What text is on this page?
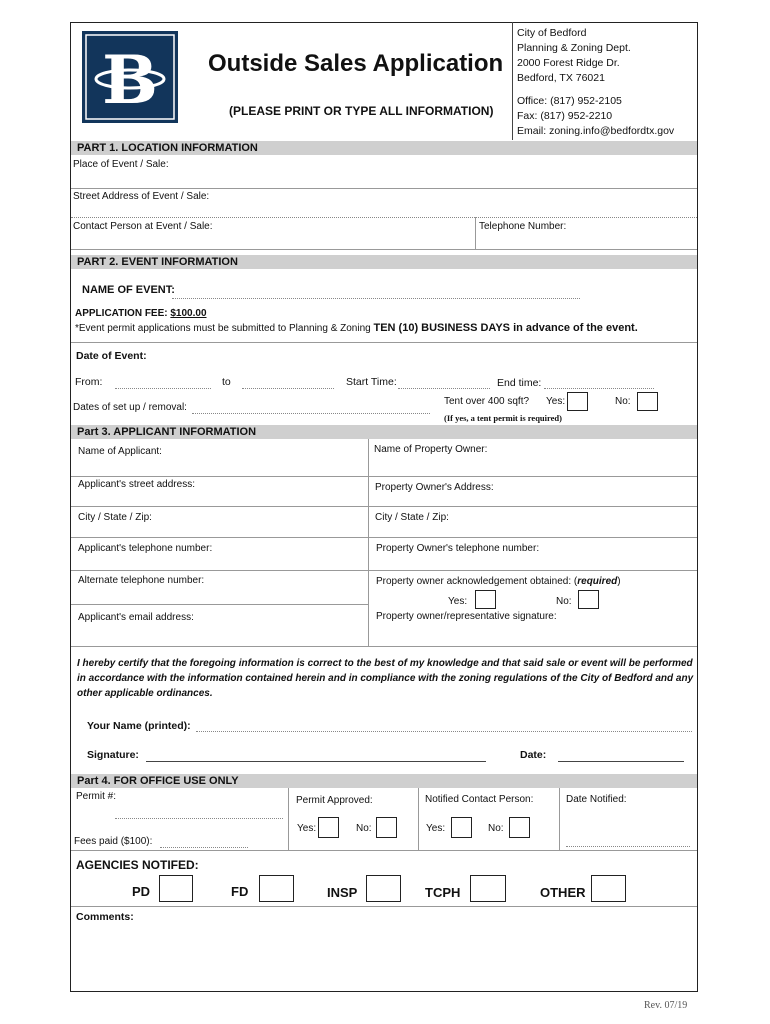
B Outside Sales Application
(PLEASE PRINT OR TYPE ALL INFORMATION)
City of Bedford
Planning & Zoning Dept.
2000 Forest Ridge Dr.
Bedford, TX 76021
Office: (817) 952-2105
Fax: (817) 952-2210
Email: zoning.info@bedfordtx.gov
PART 1. LOCATION INFORMATION
Place of Event / Sale:
Street Address of Event / Sale:
Contact Person at Event / Sale:	Telephone Number:
PART 2. EVENT INFORMATION
NAME OF EVENT:
APPLICATION FEE: $100.00
*Event permit applications must be submitted to Planning & Zoning TEN (10) BUSINESS DAYS in advance of the event.
Date of Event:
From:	to	Start Time:	End time:
Dates of set up / removal:
Tent over 400 sqft? Yes:	No:
(If yes, a tent permit is required)
Part 3. APPLICANT INFORMATION
Name of Applicant:	Name of Property Owner:
Applicant's street address:	Property Owner's Address:
City / State / Zip:	City / State / Zip:
Applicant's telephone number:	Property Owner's telephone number:
Alternate telephone number:	Property owner acknowledgement obtained: (required)
Yes:	No:
Applicant's email address:	Property owner/representative signature:
I hereby certify that the foregoing information is correct to the best of my knowledge and that said sale or event will be performed in accordance with the information contained herein and in compliance with the zoning regulations of the City of Bedford and any other applicable ordinances.
Your Name (printed):
Signature:	Date:
Part 4. FOR OFFICE USE ONLY
Permit #:	Permit Approved:	Notified Contact Person:	Date Notified:
Fees paid ($100):
Yes:	No:	Yes:	No:
AGENCIES NOTIFED:
PD	FD	INSP	TCPH	OTHER
Comments:
Rev. 07/19
